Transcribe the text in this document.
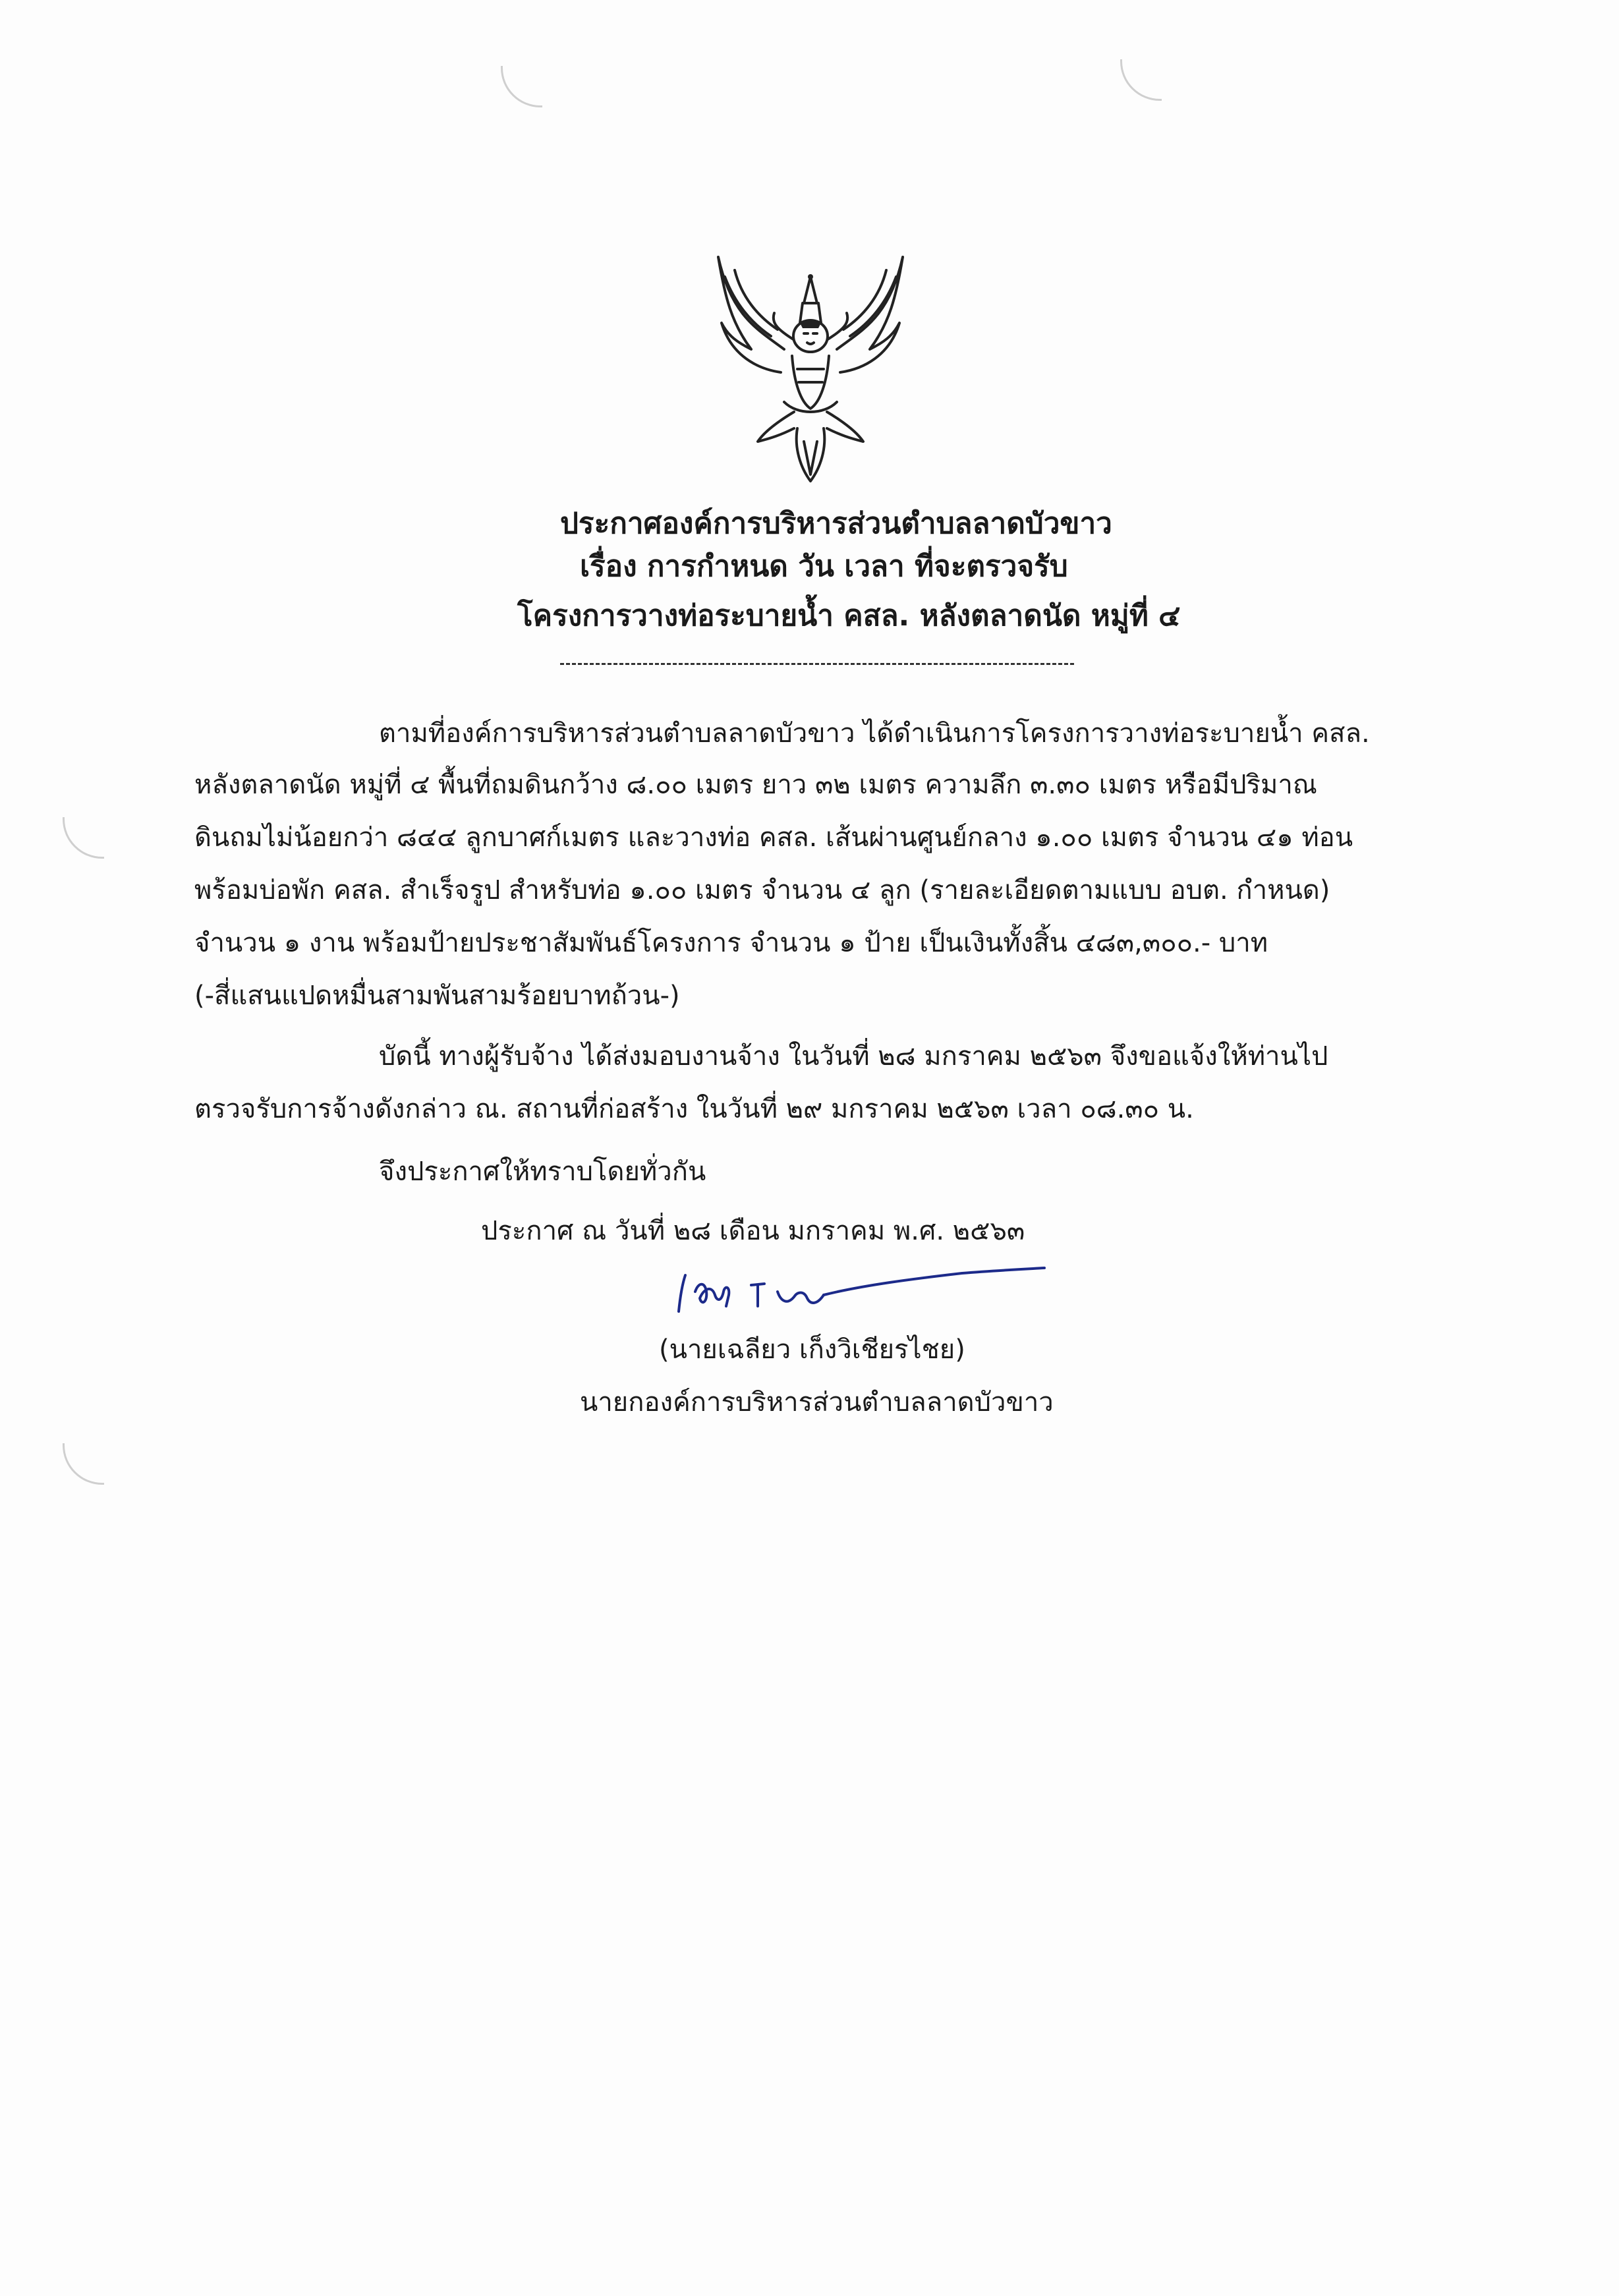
ประกาศองค์การบริหารส่วนตำบลลาดบัวขาว
เรื่อง การกำหนด วัน เวลา ที่จะตรวจรับ
โครงการวางท่อระบายน้ำ คสล. หลังตลาดนัด หมู่ที่ ๔
ตามที่องค์การบริหารส่วนตำบลลาดบัวขาว ได้ดำเนินการโครงการวางท่อระบายน้ำ คสล.
หลังตลาดนัด หมู่ที่ ๔ พื้นที่ถมดินกว้าง ๘.๐๐ เมตร ยาว ๓๒ เมตร ความลึก ๓.๓๐ เมตร หรือมีปริมาณ
ดินถมไม่น้อยกว่า ๘๔๔ ลูกบาศก์เมตร และวางท่อ คสล. เส้นผ่านศูนย์กลาง ๑.๐๐ เมตร จำนวน ๔๑ ท่อน
พร้อมบ่อพัก คสล. สำเร็จรูป สำหรับท่อ ๑.๐๐ เมตร จำนวน ๔ ลูก (รายละเอียดตามแบบ อบต. กำหนด)
จำนวน ๑ งาน พร้อมป้ายประชาสัมพันธ์โครงการ จำนวน ๑ ป้าย เป็นเงินทั้งสิ้น ๔๘๓,๓๐๐.- บาท
(-สี่แสนแปดหมื่นสามพันสามร้อยบาทถ้วน-)
บัดนี้ ทางผู้รับจ้าง ได้ส่งมอบงานจ้าง ในวันที่ ๒๘ มกราคม ๒๕๖๓ จึงขอแจ้งให้ท่านไป
ตรวจรับการจ้างดังกล่าว ณ. สถานที่ก่อสร้าง ในวันที่ ๒๙ มกราคม ๒๕๖๓ เวลา ๐๘.๓๐ น.
จึงประกาศให้ทราบโดยทั่วกัน
ประกาศ ณ วันที่ ๒๘ เดือน มกราคม พ.ศ. ๒๕๖๓
(นายเฉลียว เก็งวิเชียรไชย)
นายกองค์การบริหารส่วนตำบลลาดบัวขาว
